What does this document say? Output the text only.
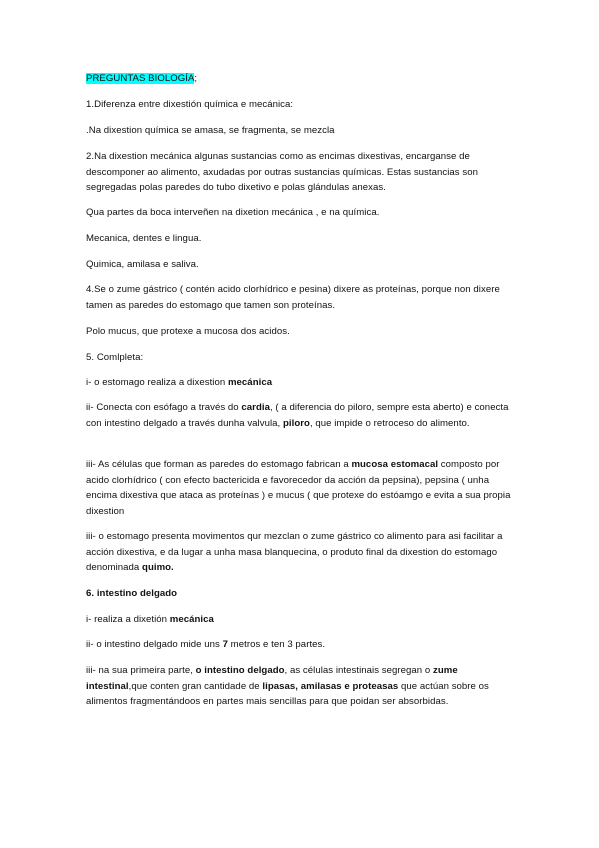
PREGUNTAS BIOLOGÍA;

1.Diferenza entre dixestión química e mecánica:

.Na dixestion química se amasa, se fragmenta, se mezcla

2.Na dixestion mecánica algunas sustancias como as encimas dixestivas, encarganse de descomponer ao alimento, axudadas por outras sustancias químicas. Estas sustancias son segregadas polas paredes do tubo dixetivo e polas glándulas anexas.

Qua partes da boca interveñen na dixetion mecánica , e na química.

Mecanica, dentes e lingua.

Quimica, amilasa e saliva.

4.Se o zume gástrico ( contén acido clorhídrico e pesina) dixere as proteínas, porque non dixere tamen as paredes do estomago que tamen son proteínas.

Polo mucus, que protexe a mucosa dos acidos.

5. Comlpleta:

i- o estomago realiza a dixestion mecánica

ii- Conecta con esófago a través do cardia, ( a diferencia do piloro, sempre esta aberto) e conecta con intestino delgado a través dunha valvula, piloro, que impide o retroceso do alimento.

iii- As células que forman as paredes do estomago fabrican a mucosa estomacal composto por acido clorhídrico ( con efecto bactericida e favorecedor da acción da pepsina), pepsina ( unha encima dixestiva que ataca as proteínas ) e mucus ( que protexe do estóamgo e evita a sua propia dixestion

iii- o estomago presenta movimentos qur mezclan o zume gástrico co alimento para asi facilitar a acción dixestiva, e da lugar a unha masa blanquecina, o produto final da dixestion do estomago denominada quimo.

6. intestino delgado

i- realiza a dixetión mecánica

ii- o intestino delgado mide uns 7 metros e ten 3 partes.

iii- na sua primeira parte, o intestino delgado, as células intestinais segregan o zume intestinal,que conten gran cantidade de lipasas, amilasas e proteasas que actúan sobre os alimentos fragmentándoos en partes mais sencillas para que poidan ser absorbidas.
